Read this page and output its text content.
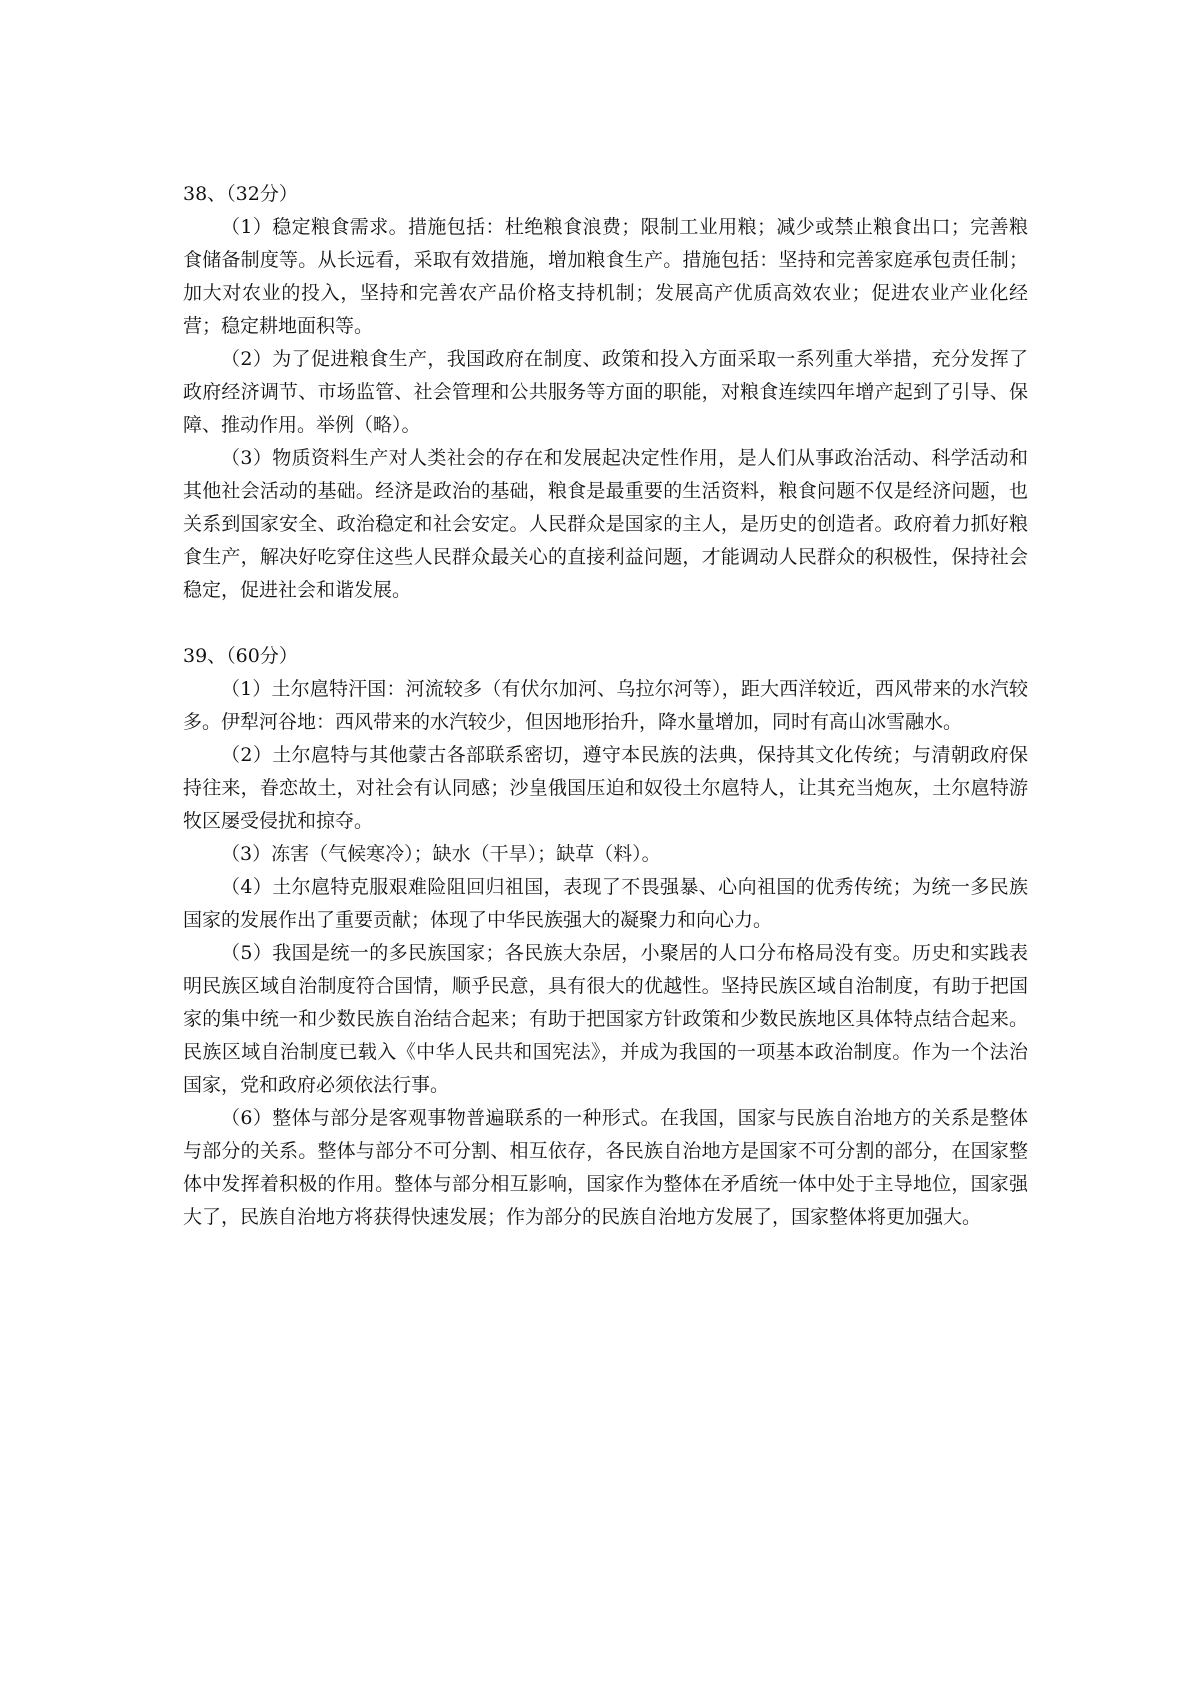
38、（32分）

（1）稳定粮食需求。措施包括：杜绝粮食浪费；限制工业用粮；减少或禁止粮食出口；完善粮食储备制度等。从长远看，采取有效措施，增加粮食生产。措施包括：坚持和完善家庭承包责任制；加大对农业的投入，坚持和完善农产品价格支持机制；发展高产优质高效农业；促进农业产业化经营；稳定耕地面积等。

（2）为了促进粮食生产，我国政府在制度、政策和投入方面采取一系列重大举措，充分发挥了政府经济调节、市场监管、社会管理和公共服务等方面的职能，对粮食连续四年增产起到了引导、保障、推动作用。举例（略）。

（3）物质资料生产对人类社会的存在和发展起决定性作用，是人们从事政治活动、科学活动和其他社会活动的基础。经济是政治的基础，粮食是最重要的生活资料，粮食问题不仅是经济问题，也关系到国家安全、政治稳定和社会安定。人民群众是国家的主人，是历史的创造者。政府着力抓好粮食生产，解决好吃穿住这些人民群众最关心的直接利益问题，才能调动人民群众的积极性，保持社会稳定，促进社会和谐发展。

39、（60分）

（1）土尔扈特汗国：河流较多（有伏尔加河、乌拉尔河等），距大西洋较近，西风带来的水汽较多。伊犁河谷地：西风带来的水汽较少，但因地形抬升，降水量增加，同时有高山冰雪融水。

（2）土尔扈特与其他蒙古各部联系密切，遵守本民族的法典，保持其文化传统；与清朝政府保持往来，眷恋故土，对社会有认同感；沙皇俄国压迫和奴役土尔扈特人，让其充当炮灰，土尔扈特游牧区屡受侵扰和掠夺。

（3）冻害（气候寒冷）；缺水（干旱）；缺草（料）。

（4）土尔扈特克服艰难险阻回归祖国，表现了不畏强暴、心向祖国的优秀传统；为统一多民族国家的发展作出了重要贡献；体现了中华民族强大的凝聚力和向心力。

（5）我国是统一的多民族国家；各民族大杂居，小聚居的人口分布格局没有变。历史和实践表明民族区域自治制度符合国情，顺乎民意，具有很大的优越性。坚持民族区域自治制度，有助于把国家的集中统一和少数民族自治结合起来；有助于把国家方针政策和少数民族地区具体特点结合起来。民族区域自治制度已载入《中华人民共和国宪法》，并成为我国的一项基本政治制度。作为一个法治国家，党和政府必须依法行事。

（6）整体与部分是客观事物普遍联系的一种形式。在我国，国家与民族自治地方的关系是整体与部分的关系。整体与部分不可分割、相互依存，各民族自治地方是国家不可分割的部分，在国家整体中发挥着积极的作用。整体与部分相互影响，国家作为整体在矛盾统一体中处于主导地位，国家强大了，民族自治地方将获得快速发展；作为部分的民族自治地方发展了，国家整体将更加强大。
